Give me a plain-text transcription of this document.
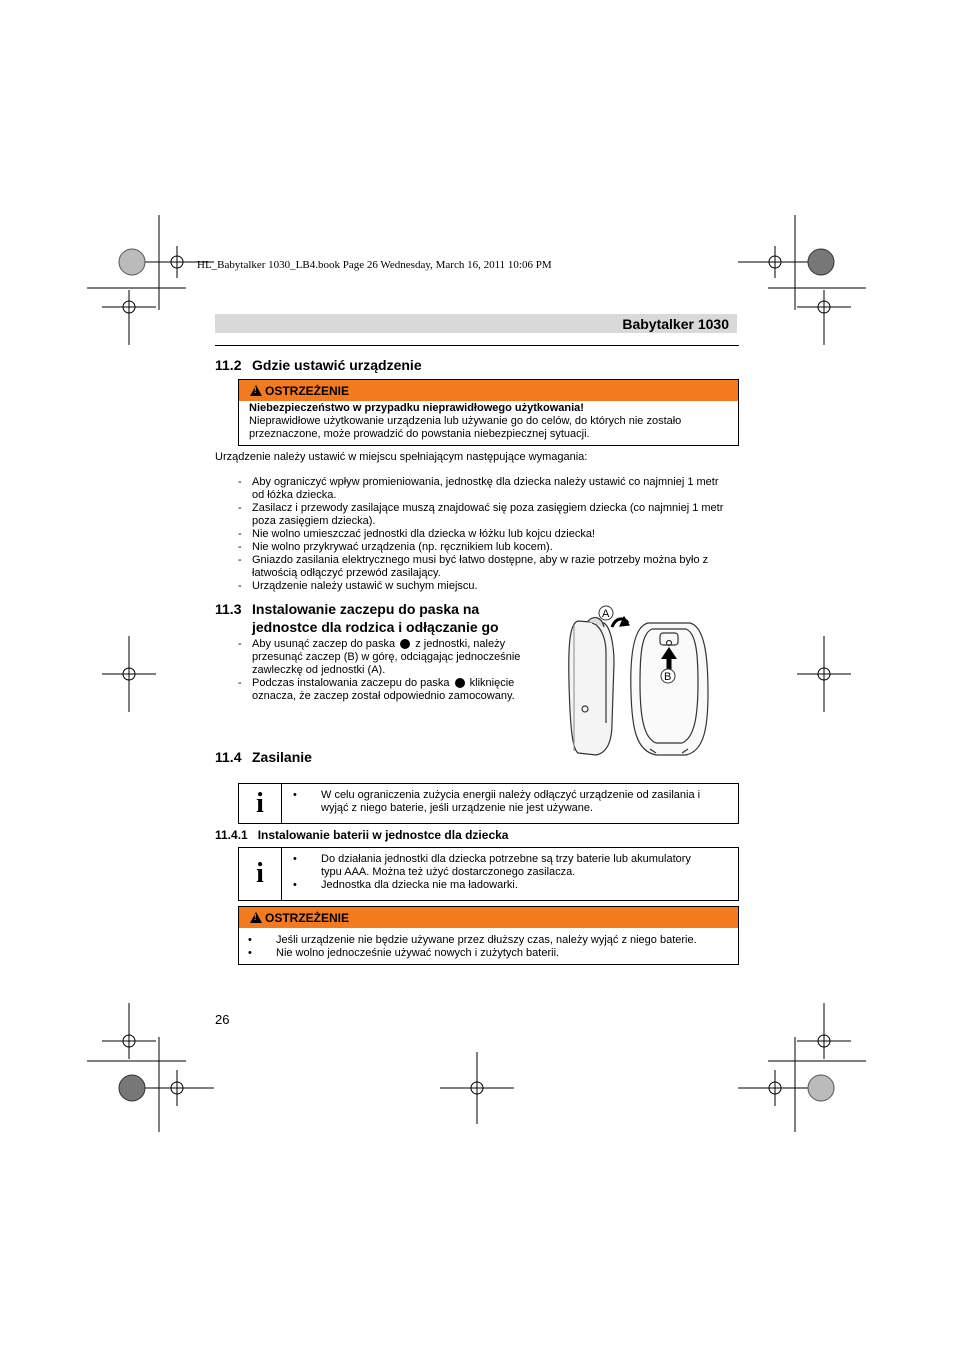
HL_Babytalker 1030_LB4.book Page 26 Wednesday, March 16, 2011 10:06 PM
Babytalker 1030
11.2 Gdzie ustawić urządzenie
!
OSTRZEŻENIE
Niebezpieczeństwo w przypadku nieprawidłowego użytkowania!
Nieprawidłowe użytkowanie urządzenia lub używanie go do celów, do których nie zostało przeznaczone, może prowadzić do powstania niebezpiecznej sytuacji.
Urządzenie należy ustawić w miejscu spełniającym następujące wymagania:
- Aby ograniczyć wpływ promieniowania, jednostkę dla dziecka należy ustawić co najmniej 1 metr od łóżka dziecka.
- Zasilacz i przewody zasilające muszą znajdować się poza zasięgiem dziecka (co najmniej 1 metr poza zasięgiem dziecka).
- Nie wolno umieszczać jednostki dla dziecka w łóżku lub kojcu dziecka!
- Nie wolno przykrywać urządzenia (np. ręcznikiem lub kocem).
- Gniazdo zasilania elektrycznego musi być łatwo dostępne, aby w razie potrzeby można było z łatwością odłączyć przewód zasilający.
- Urządzenie należy ustawić w suchym miejscu.
11.3 Instalowanie zaczepu do paska na
jednostce dla rodzica i odłączanie go
- Aby usunąć zaczep do paska z jednostki, należy przesunąć zaczep (B) w górę, odciągając jednocześnie zawleczkę od jednostki (A).
- Podczas instalowania zaczepu do paska kliknięcie oznacza, że zaczep został odpowiednio zamocowany.
A
B
11.4 Zasilanie
i	• W celu ograniczenia zużycia energii należy odłączyć urządzenie od zasilania i wyjąć z niego baterie, jeśli urządzenie nie jest używane.
11.4.1 Instalowanie baterii w jednostce dla dziecka
i	• Do działania jednostki dla dziecka potrzebne są trzy baterie lub akumulatory typu AAA. Można też użyć dostarczonego zasilacza.
• Jednostka dla dziecka nie ma ładowarki.
!
OSTRZEŻENIE
• Jeśli urządzenie nie będzie używane przez dłuższy czas, należy wyjąć z niego baterie.
• Nie wolno jednocześnie używać nowych i zużytych baterii.
26
